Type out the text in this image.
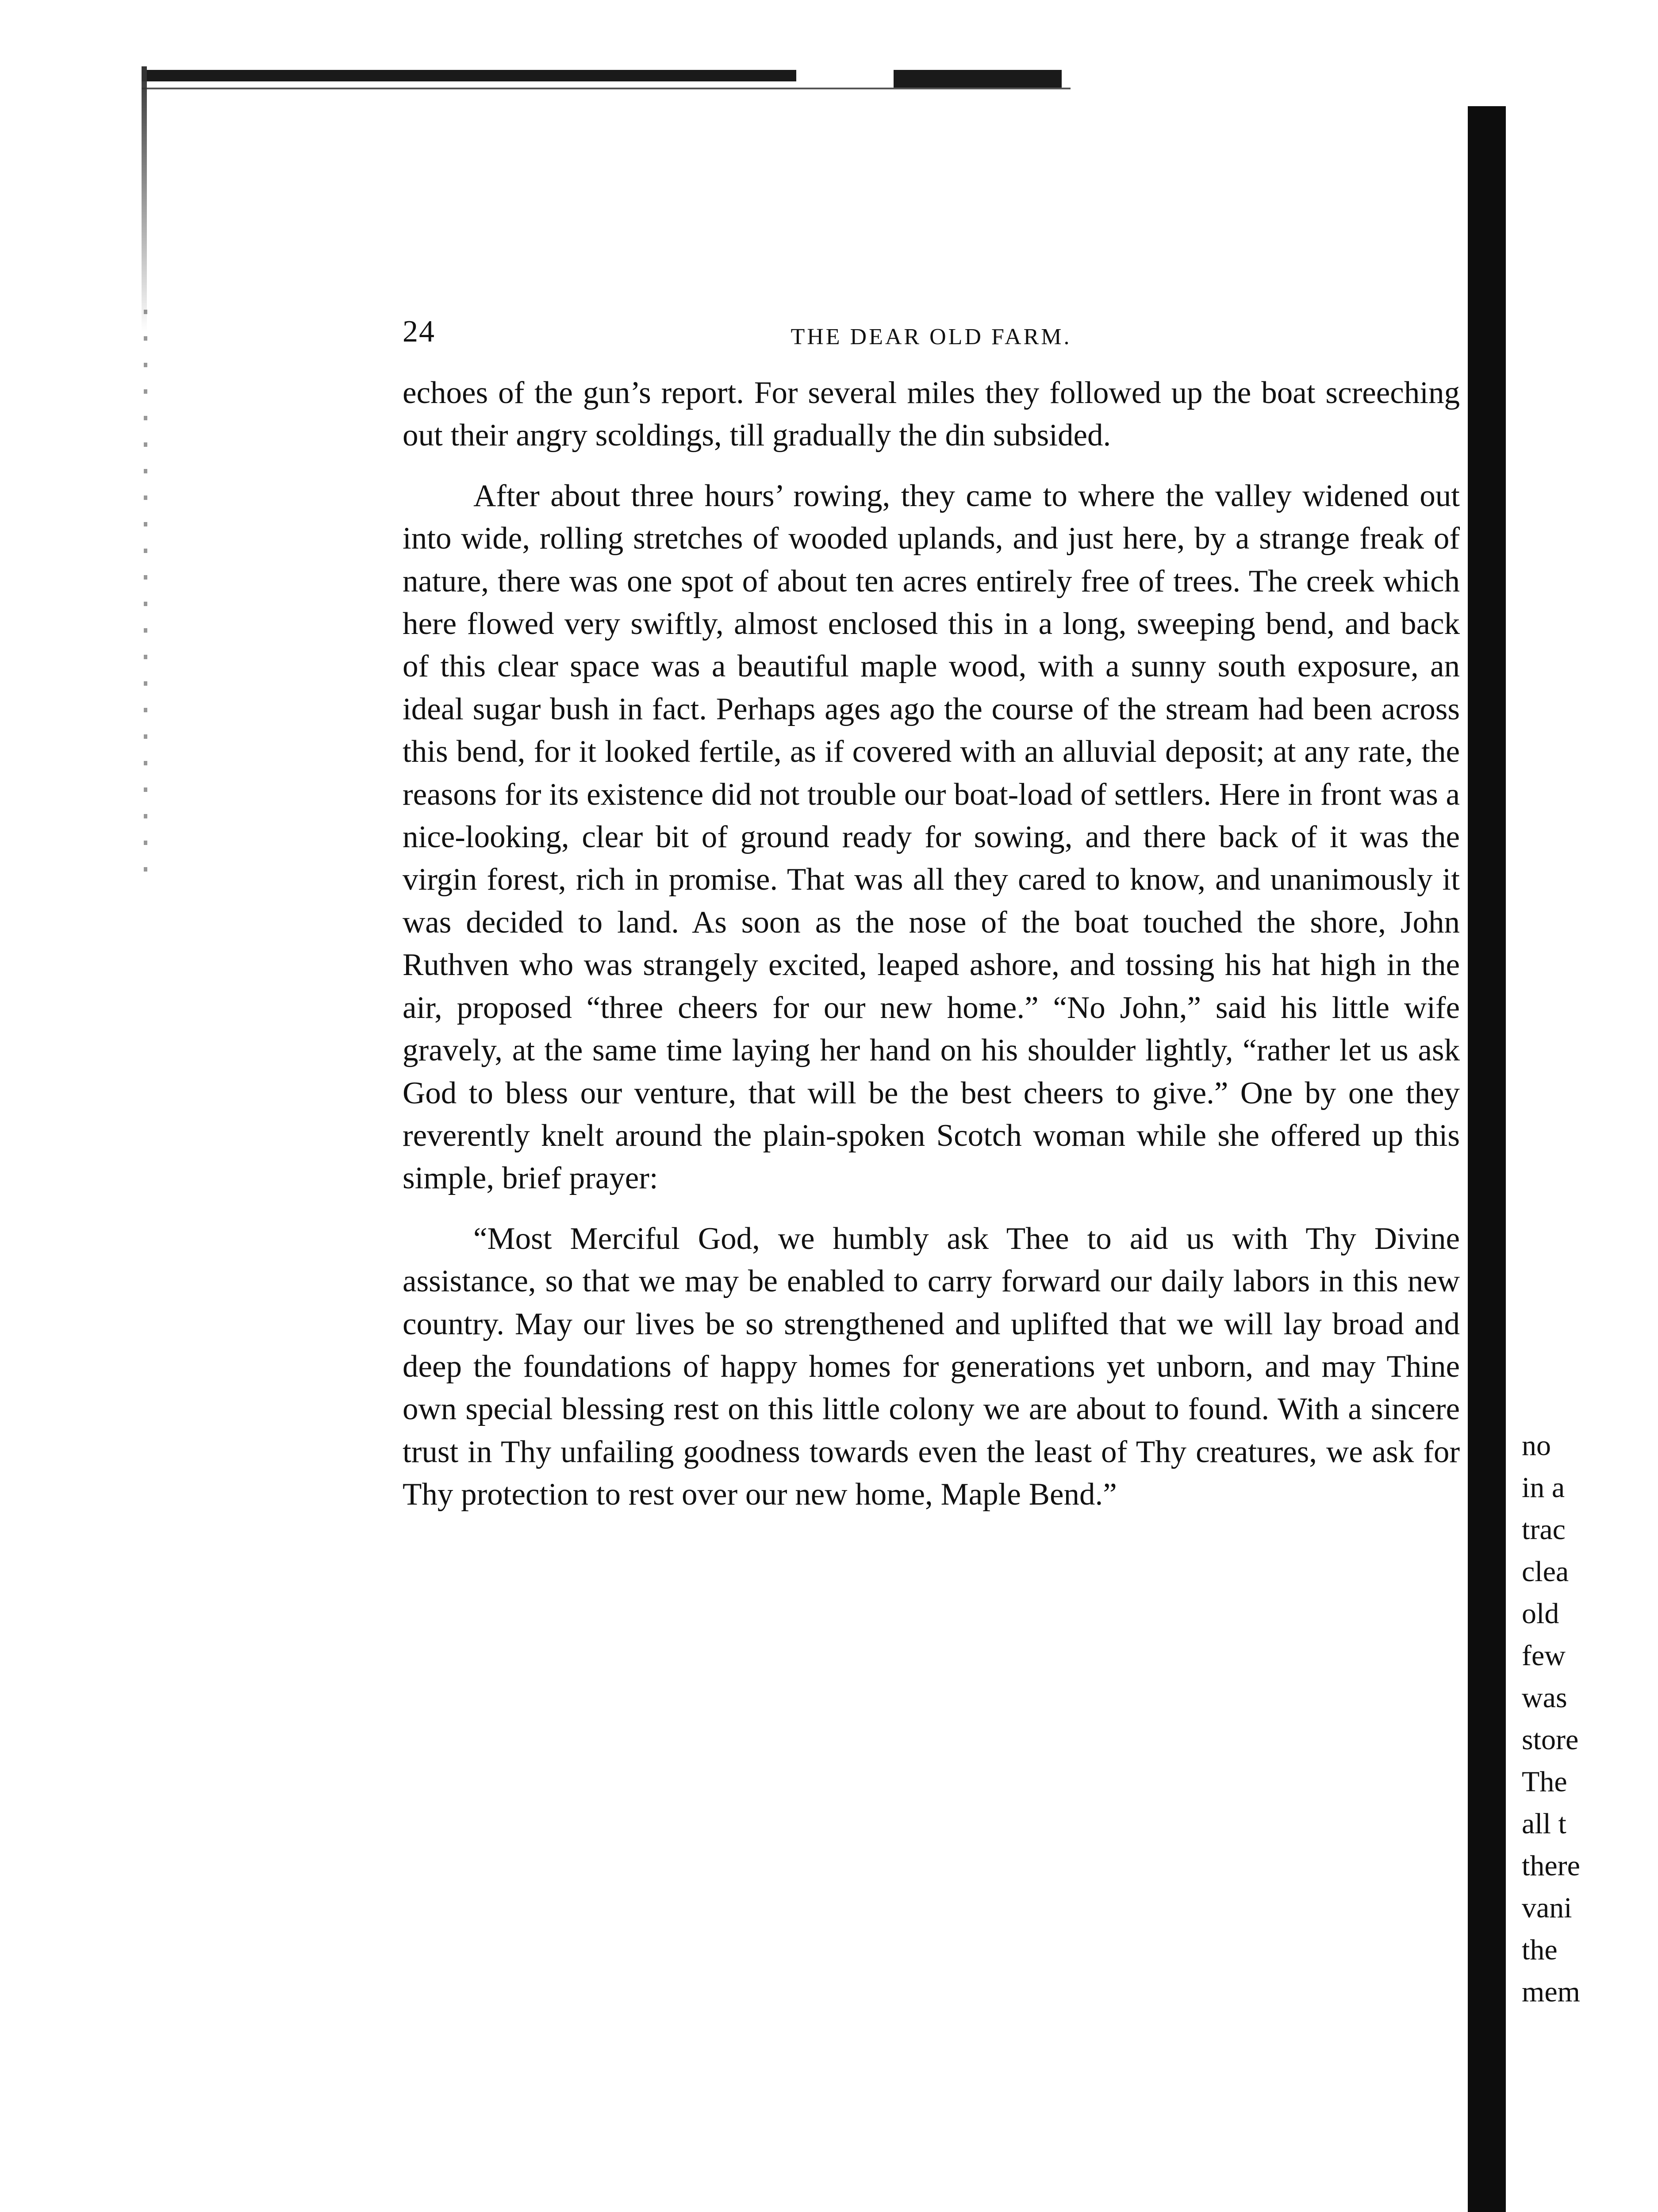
24	THE DEAR OLD FARM.

echoes of the gun’s report. For several miles they followed up the boat screeching out their angry scoldings, till gradually the din subsided.

After about three hours’ rowing, they came to where the valley widened out into wide, rolling stretches of wooded uplands, and just here, by a strange freak of nature, there was one spot of about ten acres entirely free of trees. The creek which here flowed very swiftly, almost enclosed this in a long, sweeping bend, and back of this clear space was a beautiful maple wood, with a sunny south exposure, an ideal sugar bush in fact. Perhaps ages ago the course of the stream had been across this bend, for it looked fertile, as if covered with an alluvial deposit; at any rate, the reasons for its existence did not trouble our boat-load of settlers. Here in front was a nice-looking, clear bit of ground ready for sowing, and there back of it was the virgin forest, rich in promise. That was all they cared to know, and unanimously it was decided to land. As soon as the nose of the boat touched the shore, John Ruthven who was strangely excited, leaped ashore, and tossing his hat high in the air, proposed “three cheers for our new home.” “No John,” said his little wife gravely, at the same time laying her hand on his shoulder lightly, “rather let us ask God to bless our venture, that will be the best cheers to give.” One by one they reverently knelt around the plain-spoken Scotch woman while she offered up this simple, brief prayer:

“Most Merciful God, we humbly ask Thee to aid us with Thy Divine assistance, so that we may be enabled to carry forward our daily labors in this new country. May our lives be so strengthened and uplifted that we will lay broad and deep the foundations of happy homes for generations yet unborn, and may Thine own special blessing rest on this little colony we are about to found. With a sincere trust in Thy unfailing goodness towards even the least of Thy creatures, we ask for Thy protection to rest over our new home, Maple Bend.”

no
in a
trac
clea
old
few
was
store
The
all t
there
vani
the
mem
